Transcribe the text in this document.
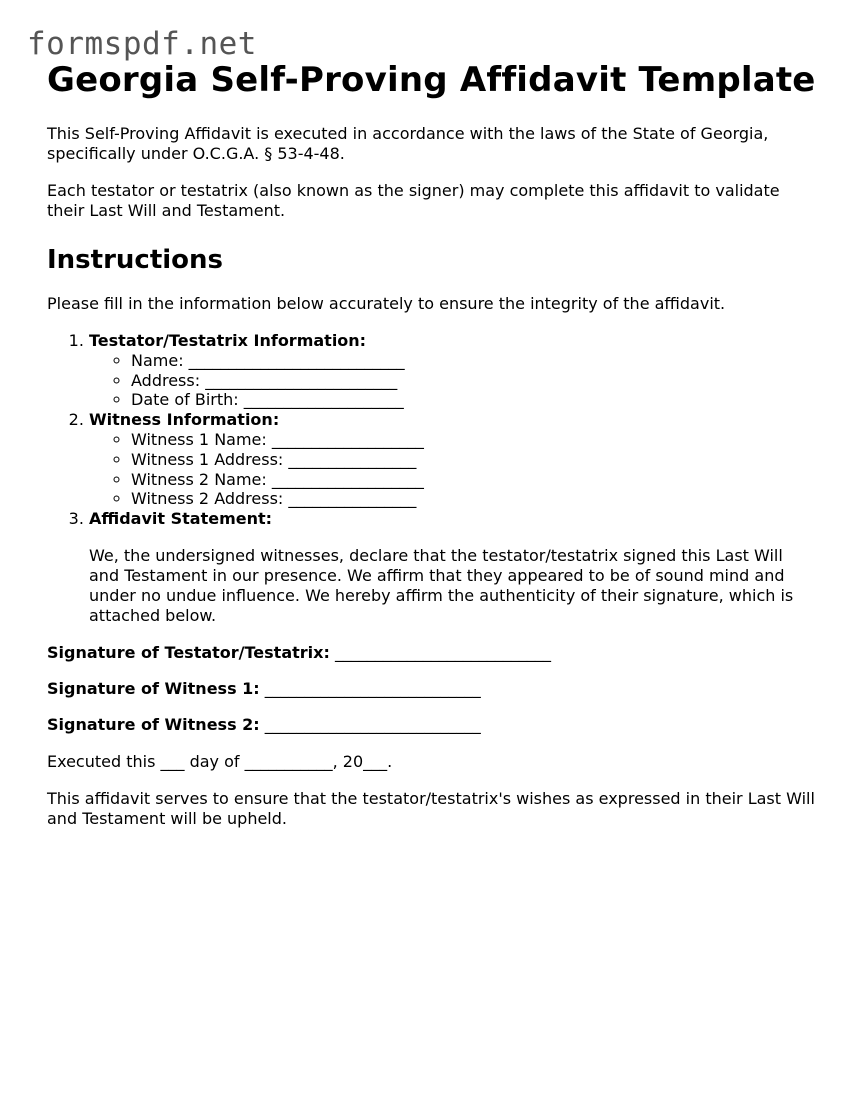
formspdf.net
Georgia Self-Proving Affidavit Template

This Self-Proving Affidavit is executed in accordance with the laws of the State of Georgia, specifically under O.C.G.A. § 53-4-48.

Each testator or testatrix (also known as the signer) may complete this affidavit to validate their Last Will and Testament.

Instructions

Please fill in the information below accurately to ensure the integrity of the affidavit.

1. Testator/Testatrix Information:
◦ Name: ___________________________
◦ Address: ________________________
◦ Date of Birth: ____________________
2. Witness Information:
◦ Witness 1 Name: ___________________
◦ Witness 1 Address: ________________
◦ Witness 2 Name: ___________________
◦ Witness 2 Address: ________________
3. Affidavit Statement:

We, the undersigned witnesses, declare that the testator/testatrix signed this Last Will and Testament in our presence. We affirm that they appeared to be of sound mind and under no undue influence. We hereby affirm the authenticity of their signature, which is attached below.

Signature of Testator/Testatrix: ___________________________
Signature of Witness 1: ___________________________
Signature of Witness 2: ___________________________

Executed this ___ day of ___________, 20___.

This affidavit serves to ensure that the testator/testatrix's wishes as expressed in their Last Will and Testament will be upheld.
